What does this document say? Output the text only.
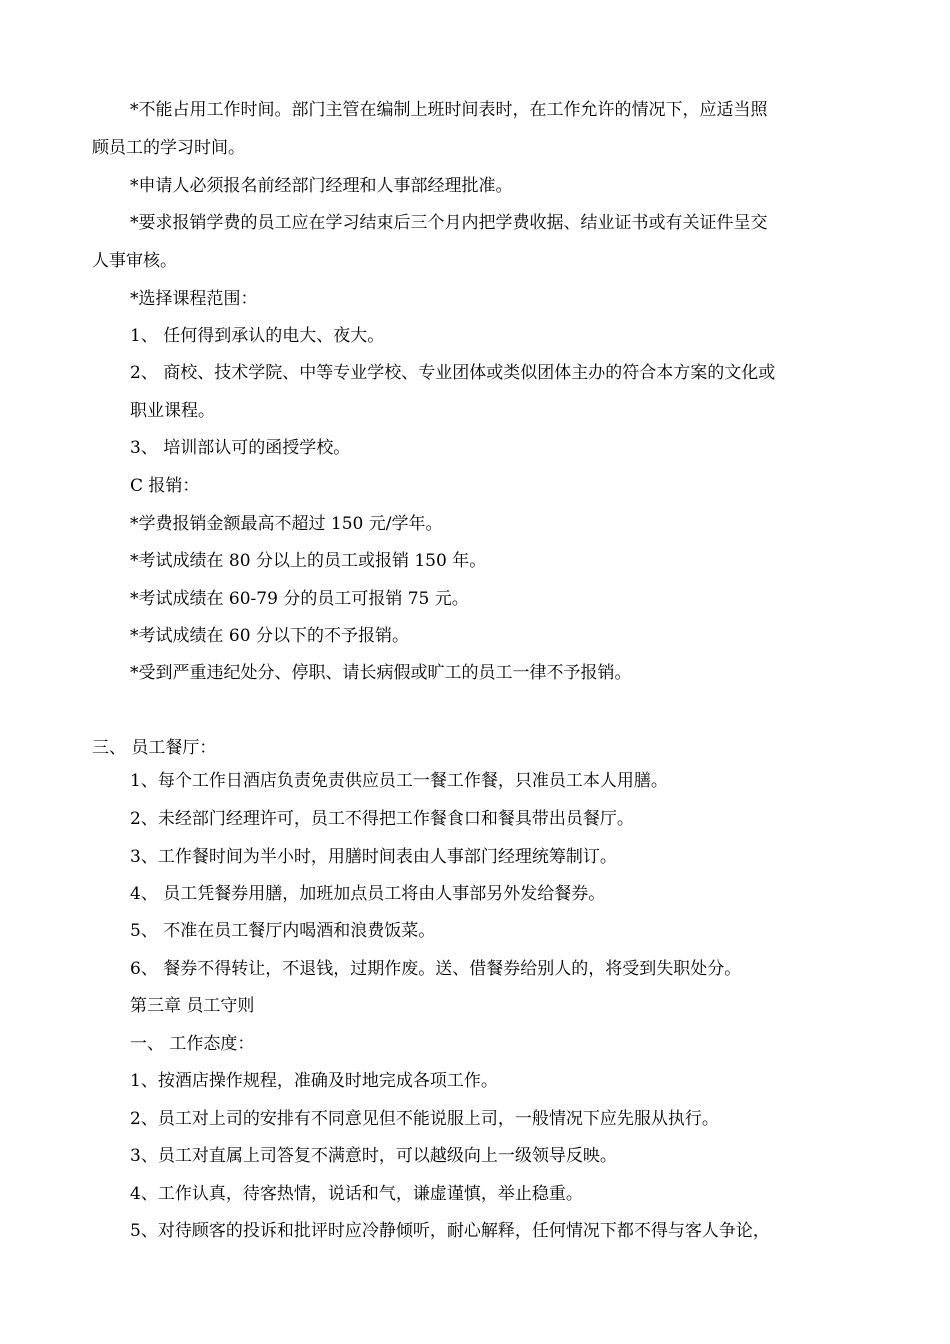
*不能占用工作时间。部门主管在编制上班时间表时，在工作允许的情况下，应适当照
顾员工的学习时间。
*申请人必须报名前经部门经理和人事部经理批准。
*要求报销学费的员工应在学习结束后三个月内把学费收据、结业证书或有关证件呈交
人事审核。
*选择课程范围：
1、 任何得到承认的电大、夜大。
2、 商校、技术学院、中等专业学校、专业团体或类似团体主办的符合本方案的文化或
职业课程。
3、 培训部认可的函授学校。
C 报销：
*学费报销金额最高不超过 150 元/学年。
*考试成绩在 80 分以上的员工或报销 150 年。
*考试成绩在 60-79 分的员工可报销 75 元。
*考试成绩在 60 分以下的不予报销。
*受到严重违纪处分、停职、请长病假或旷工的员工一律不予报销。
三、 员工餐厅：
1、每个工作日酒店负责免责供应员工一餐工作餐，只准员工本人用膳。
2、未经部门经理许可，员工不得把工作餐食口和餐具带出员餐厅。
3、工作餐时间为半小时，用膳时间表由人事部门经理统筹制订。
4、 员工凭餐券用膳，加班加点员工将由人事部另外发给餐券。
5、 不准在员工餐厅内喝酒和浪费饭菜。
6、 餐券不得转让，不退钱，过期作废。送、借餐券给别人的，将受到失职处分。
第三章 员工守则
一、 工作态度：
1、按酒店操作规程，准确及时地完成各项工作。
2、员工对上司的安排有不同意见但不能说服上司，一般情况下应先服从执行。
3、员工对直属上司答复不满意时，可以越级向上一级领导反映。
4、工作认真，待客热情，说话和气，谦虚谨慎，举止稳重。
5、对待顾客的投诉和批评时应冷静倾听，耐心解释，任何情况下都不得与客人争论，
